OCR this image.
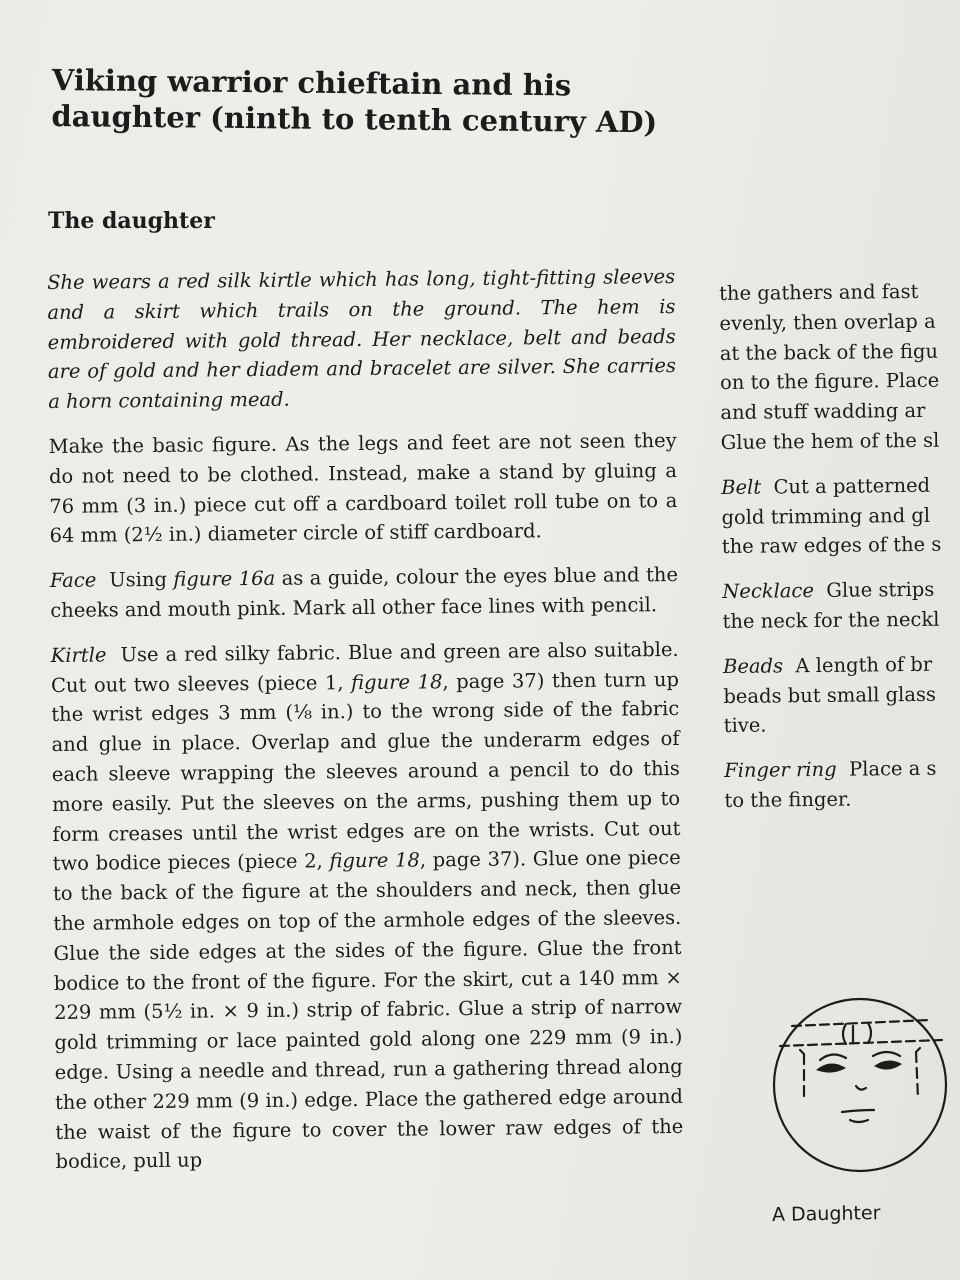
Viking warrior chieftain and his
daughter (ninth to tenth century AD)
The daughter

She wears a red silk kirtle which has long, tight-fitting sleeves and a skirt which trails on the ground. The hem is embroidered with gold thread. Her necklace, belt and beads are of gold and her diadem and bracelet are silver. She carries a horn containing mead.

Make the basic figure. As the legs and feet are not seen they do not need to be clothed. Instead, make a stand by gluing a 76 mm (3 in.) piece cut off a cardboard toilet roll tube on to a 64 mm (2½ in.) diameter circle of stiff cardboard.

Face Using figure 16a as a guide, colour the eyes blue and the cheeks and mouth pink. Mark all other face lines with pencil.

Kirtle Use a red silky fabric. Blue and green are also suitable. Cut out two sleeves (piece 1, figure 18, page 37) then turn up the wrist edges 3 mm (⅛ in.) to the wrong side of the fabric and glue in place. Overlap and glue the underarm edges of each sleeve wrapping the sleeves around a pencil to do this more easily. Put the sleeves on the arms, pushing them up to form creases until the wrist edges are on the wrists. Cut out two bodice pieces (piece 2, figure 18, page 37). Glue one piece to the back of the figure at the shoulders and neck, then glue the armhole edges on top of the armhole edges of the sleeves. Glue the side edges at the sides of the figure. Glue the front bodice to the front of the figure. For the skirt, cut a 140 mm × 229 mm (5½ in. × 9 in.) strip of fabric. Glue a strip of narrow gold trimming or lace painted gold along one 229 mm (9 in.) edge. Using a needle and thread, run a gathering thread along the other 229 mm (9 in.) edge. Place the gathered edge around the waist of the figure to cover the lower raw edges of the bodice, pull up

the gathers and fast
evenly, then overlap a
at the back of the figu
on to the figure. Place
and stuff wadding ar
Glue the hem of the sl

Belt Cut a patterned
gold trimming and gl
the raw edges of the s

Necklace Glue strips
the neck for the neckl

Beads A length of br
beads but small glass
tive.

Finger ring Place a s
to the finger.

A Daughter
